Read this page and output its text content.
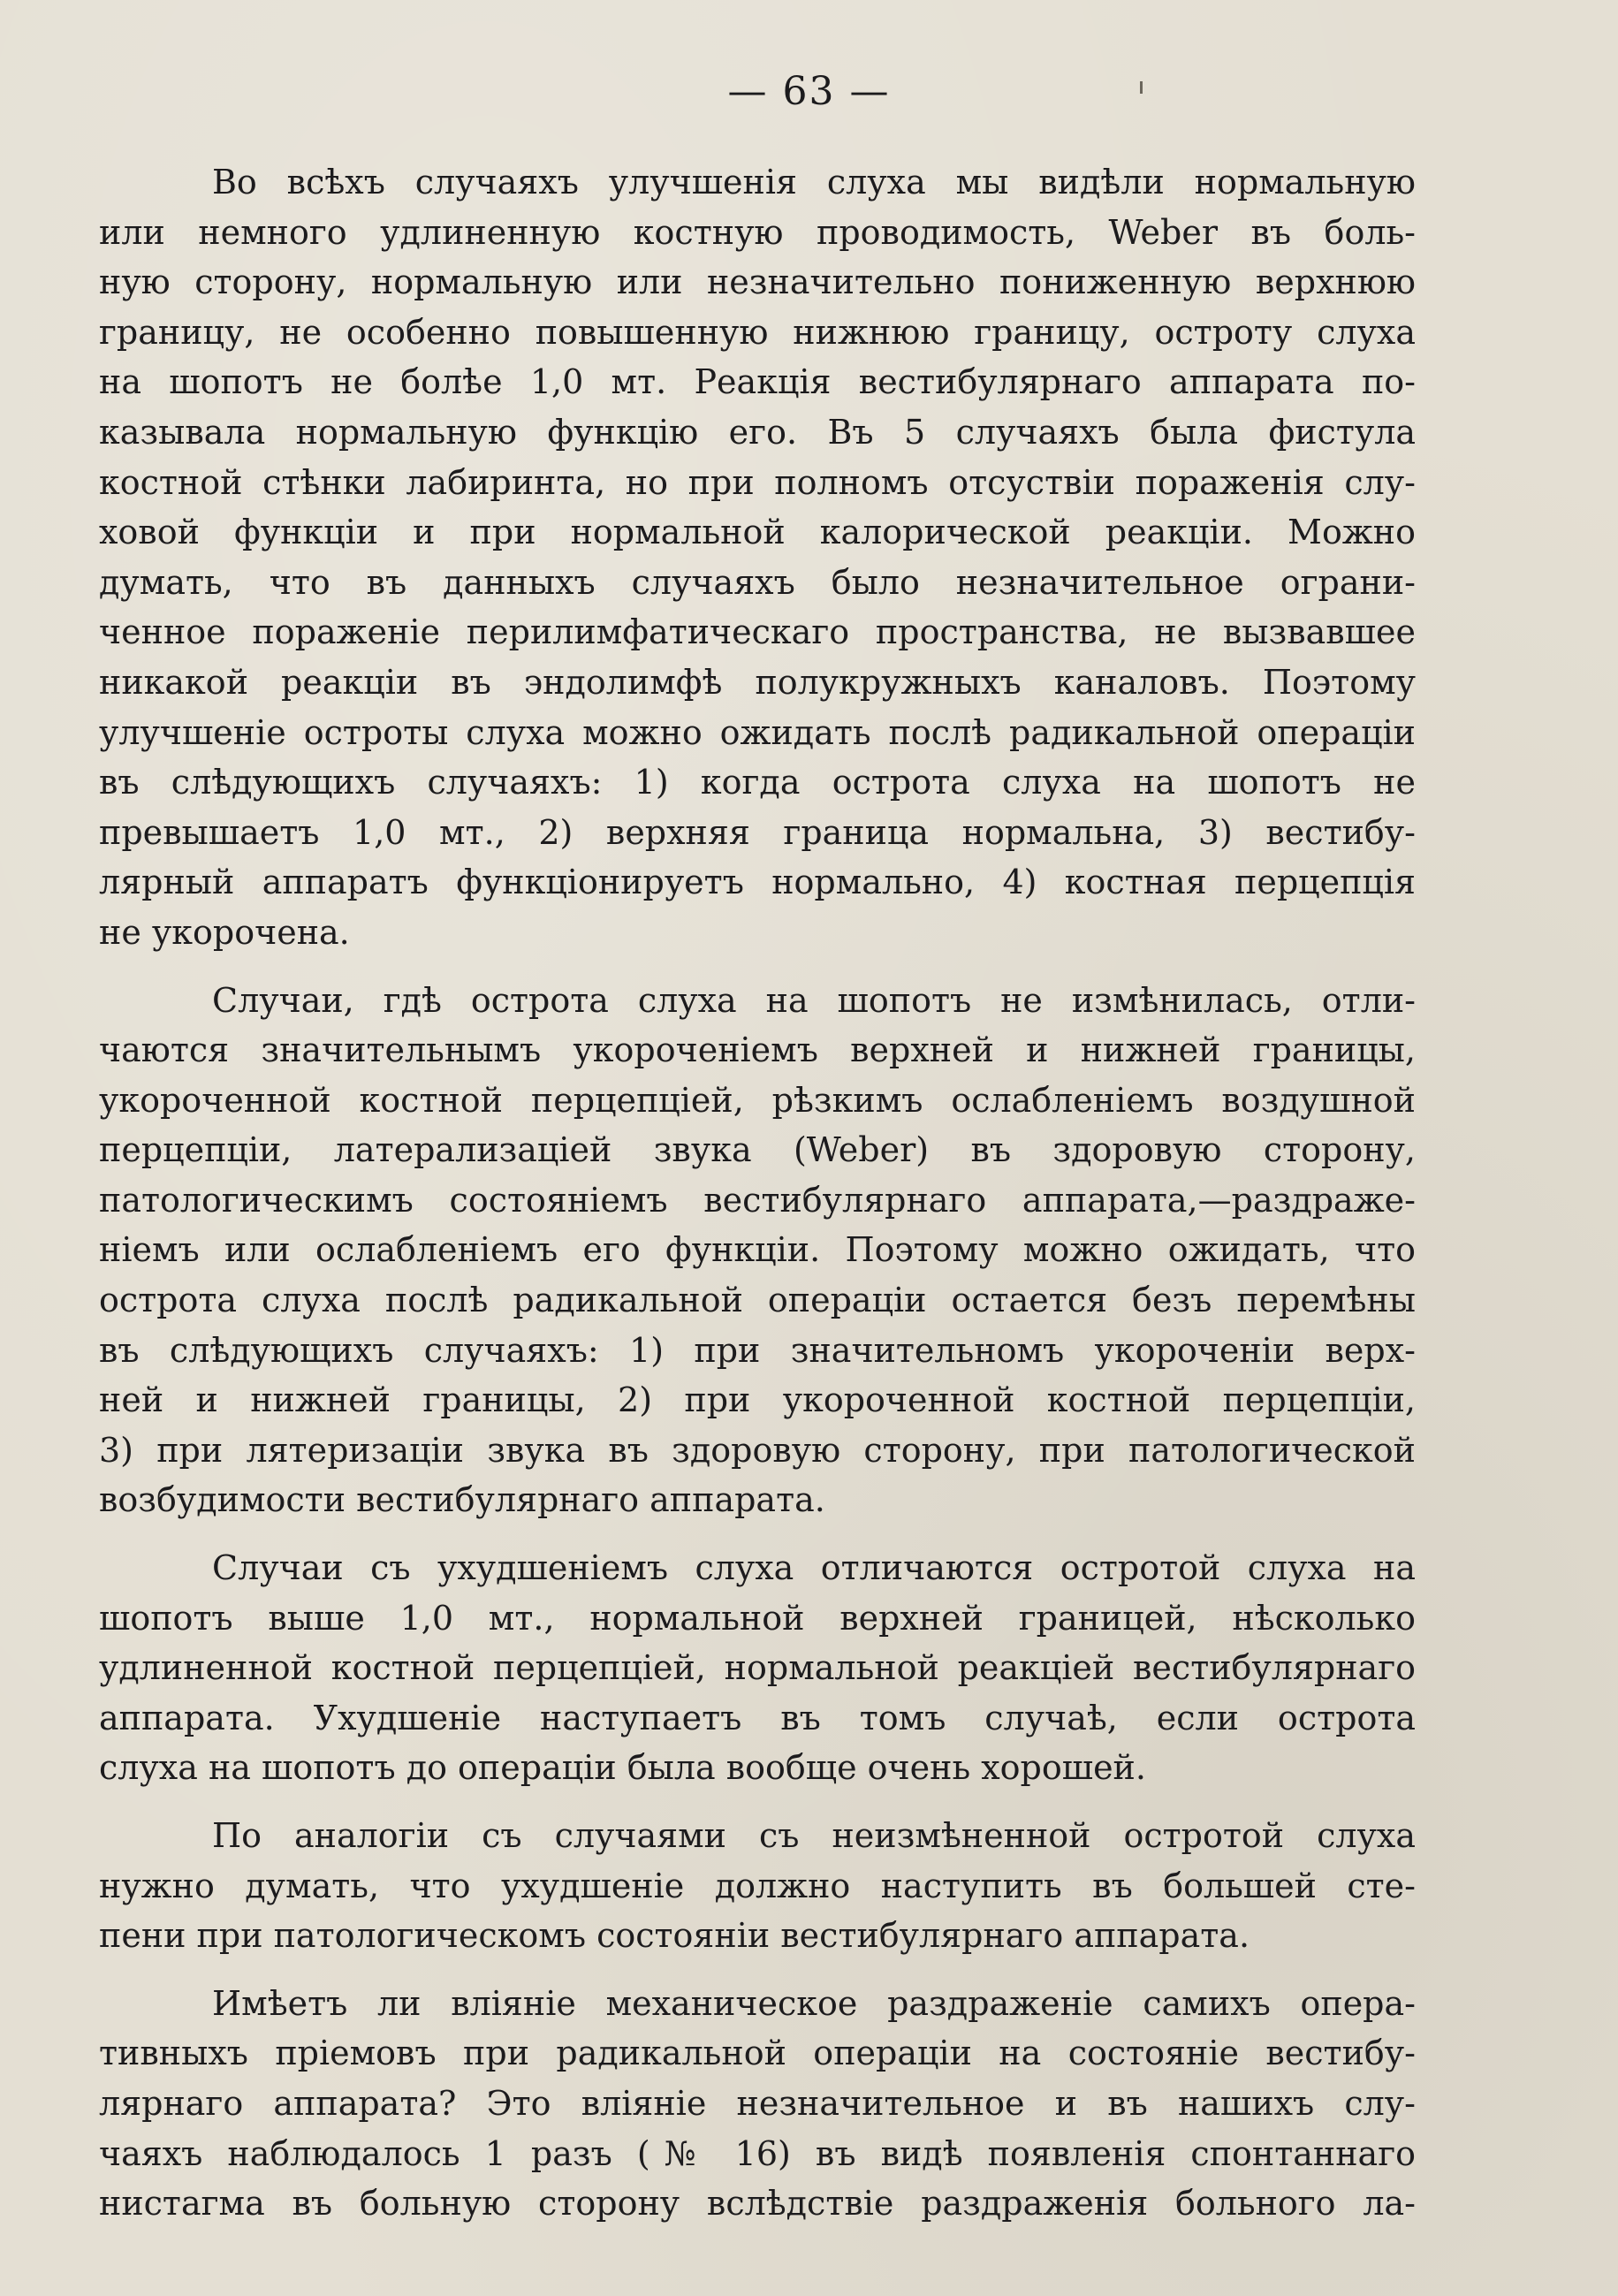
— 63 —
Во всѣхъ случаяхъ улучшенія слуха мы видѣли нормальную
или немного удлиненную костную проводимость, Weber въ боль-
ную сторону, нормальную или незначительно пониженную верхнюю
границу, не особенно повышенную нижнюю границу, остроту слуха
на шопотъ не болѣе 1,0 мт. Реакція вестибулярнаго аппарата по-
казывала нормальную функцію его. Въ 5 случаяхъ была фистула
костной стѣнки лабиринта, но при полномъ отсуствіи пораженія слу-
ховой функціи и при нормальной калорической реакціи. Можно
думать, что въ данныхъ случаяхъ было незначительное ограни-
ченное пораженіе перилимфатическаго пространства, не вызвавшее
никакой реакціи въ эндолимфѣ полукружныхъ каналовъ. Поэтому
улучшеніе остроты слуха можно ожидать послѣ радикальной операціи
въ слѣдующихъ случаяхъ: 1) когда острота слуха на шопотъ не
превышаетъ 1,0 мт., 2) верхняя граница нормальна, 3) вестибу-
лярный аппаратъ функціонируетъ нормально, 4) костная перцепція
не укорочена.
Случаи, гдѣ острота слуха на шопотъ не измѣнилась, отли-
чаются значительнымъ укороченіемъ верхней и нижней границы,
укороченной костной перцепціей, рѣзкимъ ослабленіемъ воздушной
перцепціи, латерализаціей звука (Weber) въ здоровую сторону,
патологическимъ состояніемъ вестибулярнаго аппарата,—раздраже-
ніемъ или ослабленіемъ его функціи. Поэтому можно ожидать, что
острота слуха послѣ радикальной операціи остается безъ перемѣны
въ слѣдующихъ случаяхъ: 1) при значительномъ укороченіи верх-
ней и нижней границы, 2) при укороченной костной перцепціи,
3) при лятеризаціи звука въ здоровую сторону, при патологической
возбудимости вестибулярнаго аппарата.
Случаи съ ухудшеніемъ слуха отличаются остротой слуха на
шопотъ выше 1,0 мт., нормальной верхней границей, нѣсколько
удлиненной костной перцепціей, нормальной реакціей вестибулярнаго
аппарата. Ухудшеніе наступаетъ въ томъ случаѣ, если острота
слуха на шопотъ до операціи была вообще очень хорошей.
По аналогіи съ случаями съ неизмѣненной остротой слуха
нужно думать, что ухудшеніе должно наступить въ большей сте-
пени при патологическомъ состояніи вестибулярнаго аппарата.
Имѣетъ ли вліяніе механическое раздраженіе самихъ опера-
тивныхъ пріемовъ при радикальной операціи на состояніе вестибу-
лярнаго аппарата? Это вліяніе незначительное и въ нашихъ слу-
чаяхъ наблюдалось 1 разъ (№ 16) въ видѣ появленія спонтаннаго
нистагма въ больную сторону вслѣдствіе раздраженія больного ла-
